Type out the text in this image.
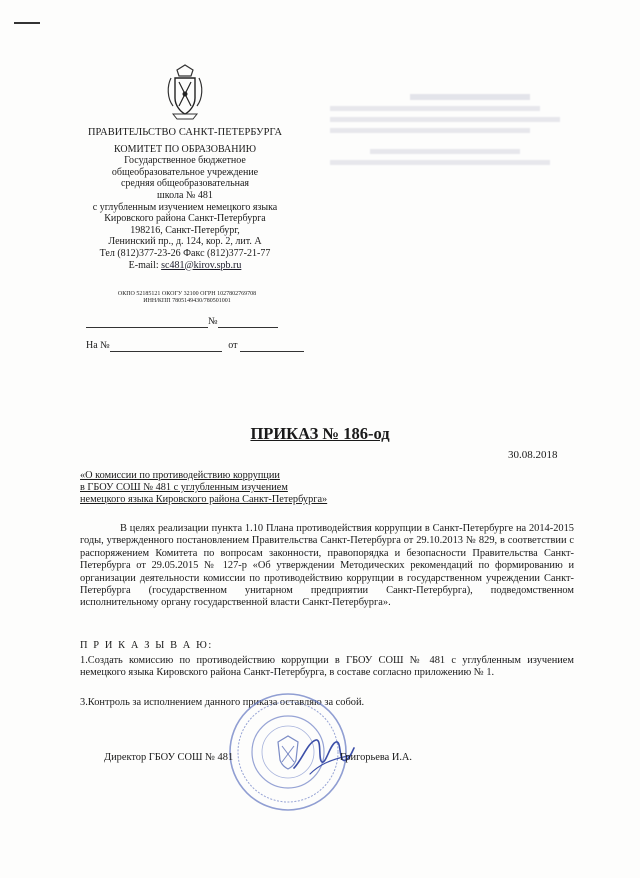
ПРАВИТЕЛЬСТВО САНКТ-ПЕТЕРБУРГА
КОМИТЕТ ПО ОБРАЗОВАНИЮ
Государственное бюджетное
общеобразовательное учреждение
средняя общеобразовательная
школа № 481
с углубленным изучением немецкого языка
Кировского района Санкт-Петербурга
198216, Санкт-Петербург,
Ленинский пр., д. 124, кор. 2, лит. А
Тел (812)377-23-26 Факс (812)377-21-77
E-mail: sc481@kirov.spb.ru
ОКПО 52185121 ОКОГУ 32100 ОГРН 1027802769708
ИНН/КПП 7805149430/780501001
№
На №	от
ПРИКАЗ № 186-од
30.08.2018
«О комиссии по противодействию коррупции
в ГБОУ СОШ № 481 с углубленным изучением
немецкого языка Кировского района Санкт-Петербурга»
В целях реализации пункта 1.10 Плана противодействия коррупции в Санкт-Петербурге на 2014-2015 годы, утвержденного постановлением Правительства Санкт-Петербурга от 29.10.2013 № 829, в соответствии с распоряжением Комитета по вопросам законности, правопорядка и безопасности Правительства Санкт-Петербурга от 29.05.2015 № 127-р «Об утверждении Методических рекомендаций по формированию и организации деятельности комиссии по противодействию коррупции в государственном учреждении Санкт-Петербурга (государственном унитарном предприятии Санкт-Петербурга), подведомственном исполнительному органу государственной власти Санкт-Петербурга».
П Р И К А З Ы В А Ю:
1.Создать комиссию по противодействию коррупции в ГБОУ СОШ № 481 с углубленным изучением немецкого языка Кировского района Санкт-Петербурга, в составе согласно приложению № 1.
3.Контроль за исполнением данного приказа оставляю за собой.
Директор ГБОУ СОШ № 481	Григорьева И.А.
